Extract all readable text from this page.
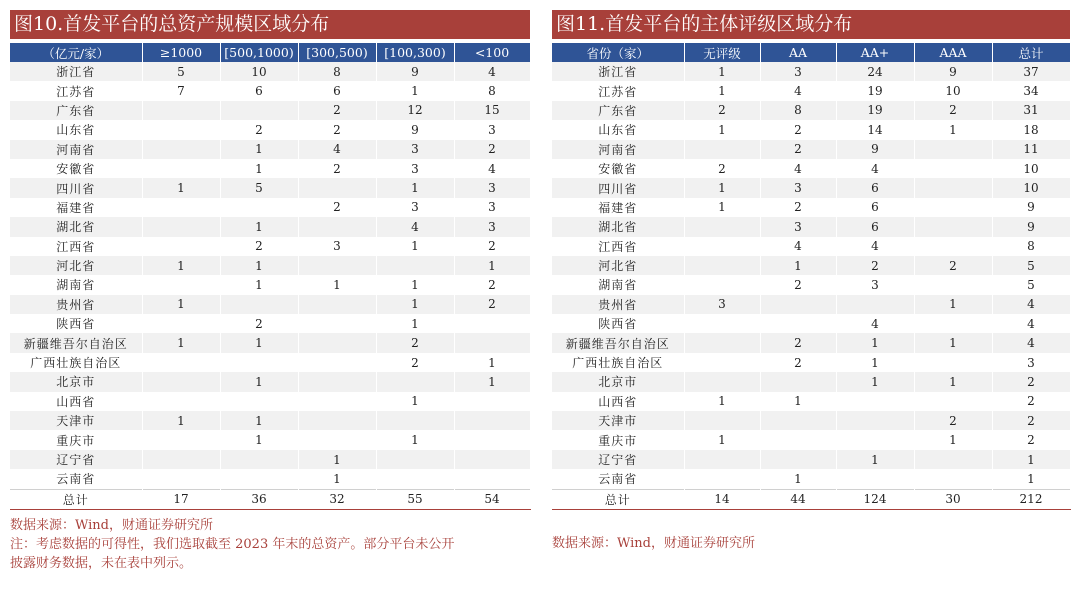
图10.首发平台的总资产规模区域分布
（亿元/家）	≥1000	[500,1000)	[300,500)	[100,300)	<100
浙江省	5	10	8	9	4
江苏省	7	6	6	1	8
广东省			2	12	15
山东省		2	2	9	3
河南省		1	4	3	2
安徽省		1	2	3	4
四川省	1	5		1	3
福建省			2	3	3
湖北省		1		4	3
江西省		2	3	1	2
河北省	1	1			1
湖南省		1	1	1	2
贵州省	1			1	2
陕西省		2		1	
新疆维吾尔自治区	1	1		2	
广西壮族自治区				2	1
北京市		1			1
山西省				1	
天津市	1	1			
重庆市		1		1	
辽宁省			1		
云南省			1		
总计	17	36	32	55	54
数据来源：Wind，财通证券研究所
注：考虑数据的可得性，我们选取截至 2023 年末的总资产。部分平台未公开
披露财务数据，未在表中列示。
图11.首发平台的主体评级区域分布
省份（家）	无评级	AA	AA+	AAA	总计
浙江省	1	3	24	9	37
江苏省	1	4	19	10	34
广东省	2	8	19	2	31
山东省	1	2	14	1	18
河南省		2	9		11
安徽省	2	4	4		10
四川省	1	3	6		10
福建省	1	2	6		9
湖北省		3	6		9
江西省		4	4		8
河北省		1	2	2	5
湖南省		2	3		5
贵州省	3			1	4
陕西省			4		4
新疆维吾尔自治区		2	1	1	4
广西壮族自治区		2	1		3
北京市			1	1	2
山西省	1	1			2
天津市				2	2
重庆市	1			1	2
辽宁省			1		1
云南省		1			1
总计	14	44	124	30	212
数据来源：Wind，财通证券研究所
